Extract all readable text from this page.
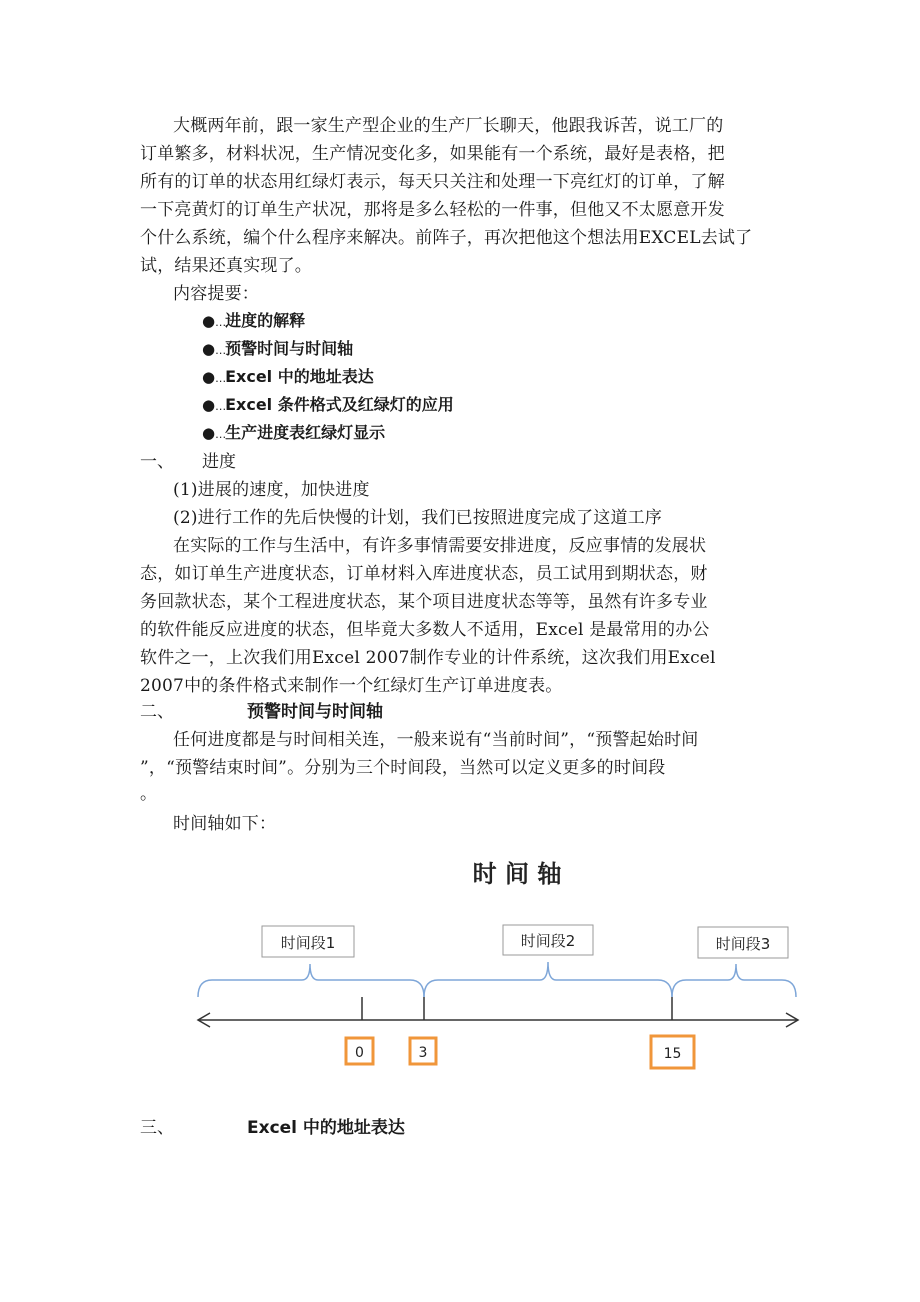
大概两年前，跟一家生产型企业的生产厂长聊天，他跟我诉苦，说工厂的
订单繁多，材料状况，生产情况变化多，如果能有一个系统，最好是表格，把
所有的订单的状态用红绿灯表示，每天只关注和处理一下亮红灯的订单，了解
一下亮黄灯的订单生产状况，那将是多么轻松的一件事，但他又不太愿意开发
个什么系统，编个什么程序来解决。前阵子，再次把他这个想法用EXCEL去试了
试，结果还真实现了。
内容提要：
●…进度的解释
●…预警时间与时间轴
●…Excel 中的地址表达
●…Excel 条件格式及红绿灯的应用
●…生产进度表红绿灯显示
一、 进度
(1)进展的速度，加快进度
(2)进行工作的先后快慢的计划，我们已按照进度完成了这道工序
在实际的工作与生活中，有许多事情需要安排进度，反应事情的发展状
态，如订单生产进度状态，订单材料入库进度状态，员工试用到期状态，财
务回款状态，某个工程进度状态，某个项目进度状态等等，虽然有许多专业
的软件能反应进度的状态，但毕竟大多数人不适用，Excel 是最常用的办公
软件之一，上次我们用Excel 2007制作专业的计件系统，这次我们用Excel
2007中的条件格式来制作一个红绿灯生产订单进度表。
二、	预警时间与时间轴
任何进度都是与时间相关连，一般来说有“当前时间”，“预警起始时间
”，“预警结束时间”。分别为三个时间段，当然可以定义更多的时间段
。
时间轴如下：
时 间 轴
时间段1	时间段2	时间段3
0	3	15
三、	Excel 中的地址表达
